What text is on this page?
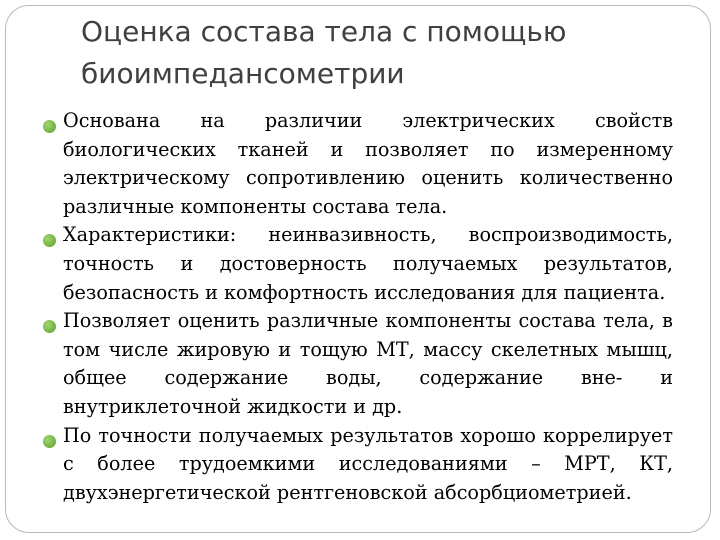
Оценка состава тела с помощью биоимпедансометрии
Основана на различии электрических свойств биологических тканей и позволяет по измеренному электрическому сопротивлению оценить количественно различные компоненты состава тела.
Характеристики: неинвазивность, воспроизводимость, точность и достоверность получаемых результатов, безопасность и комфортность исследования для пациента.
Позволяет оценить различные компоненты состава тела, в том числе жировую и тощую МТ, массу скелетных мышц, общее содержание воды, содержание вне- и внутриклеточной жидкости и др.
По точности получаемых результатов хорошо коррелирует с более трудоемкими исследованиями – МРТ, КТ, двухэнергетической рентгеновской абсорбциометрией.
